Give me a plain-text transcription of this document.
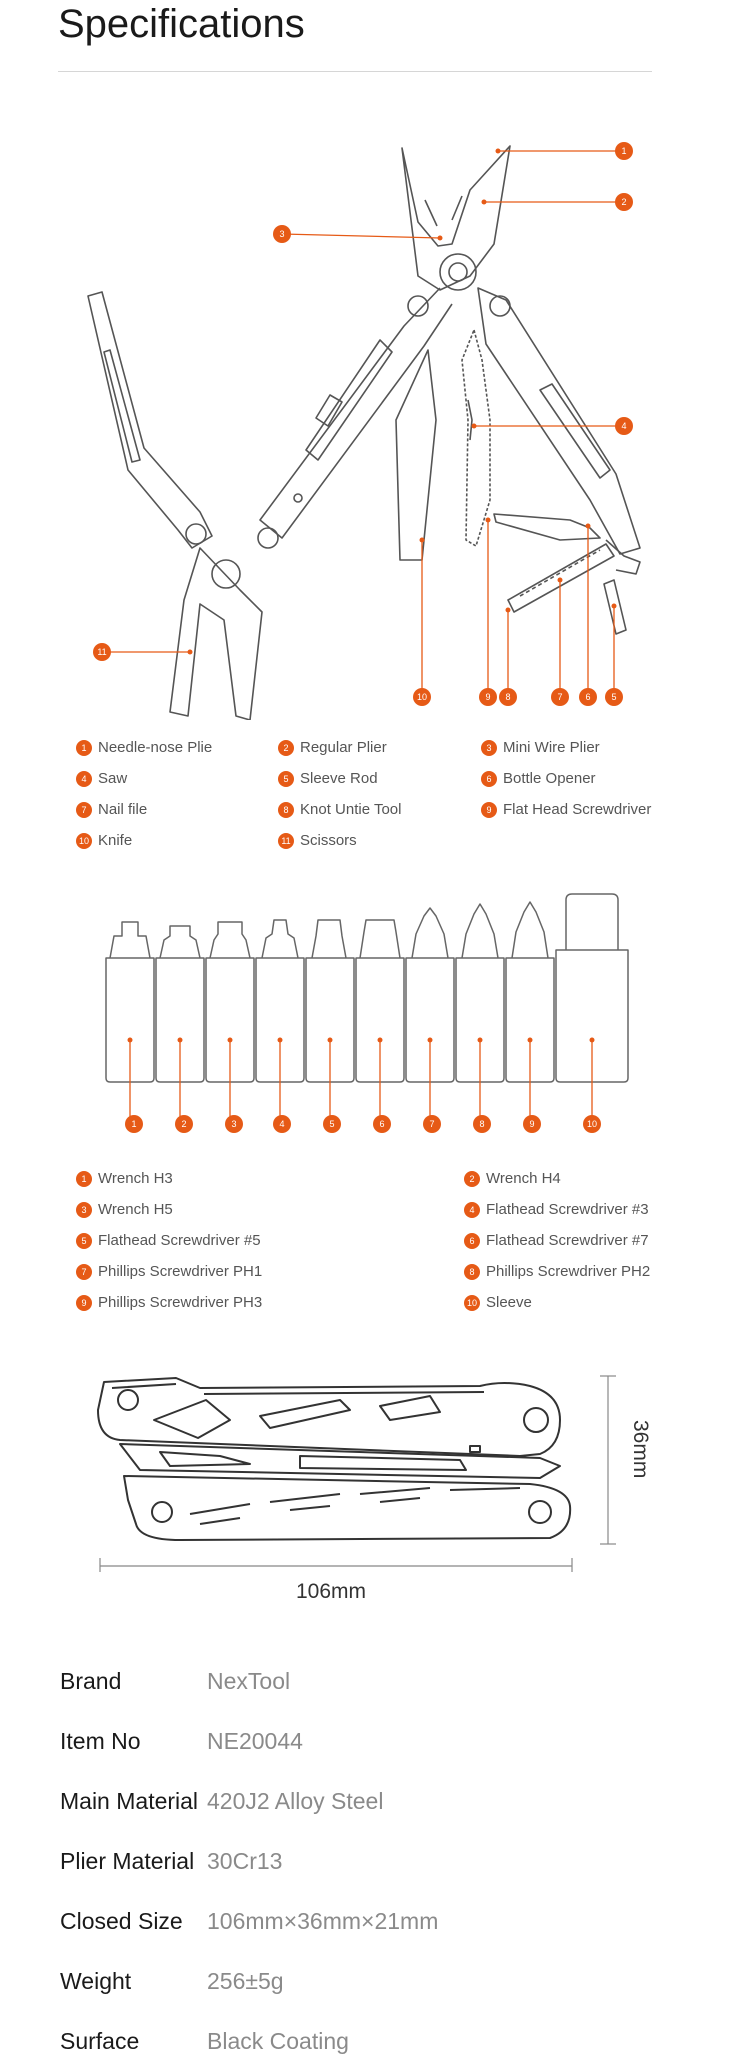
Specifications
1
2
3
4
11
10	9 8	7	6 5
1 Needle-nose Plie	2 Regular Plier	3 Mini Wire Plier
4 Saw	5 Sleeve Rod	6 Bottle Opener
7 Nail file	8 Knot Untie Tool	9 Flat Head Screwdriver
10 Knife	11 Scissors
1	2	3	4	5	6	7	8	9	10
1 Wrench H3	2 Wrench H4
3 Wrench H5	4 Flathead Screwdriver #3
5 Flathead Screwdriver #5	6 Flathead Screwdriver #7
7 Phillips Screwdriver PH1	8 Phillips Screwdriver PH2
9 Phillips Screwdriver PH3	10 Sleeve
36mm
106mm
Brand	NexTool
Item No	NE20044
Main Material 420J2 Alloy Steel
Plier Material 30Cr13
Closed Size 106mm×36mm×21mm
Weight	256±5g
Surface	Black Coating
